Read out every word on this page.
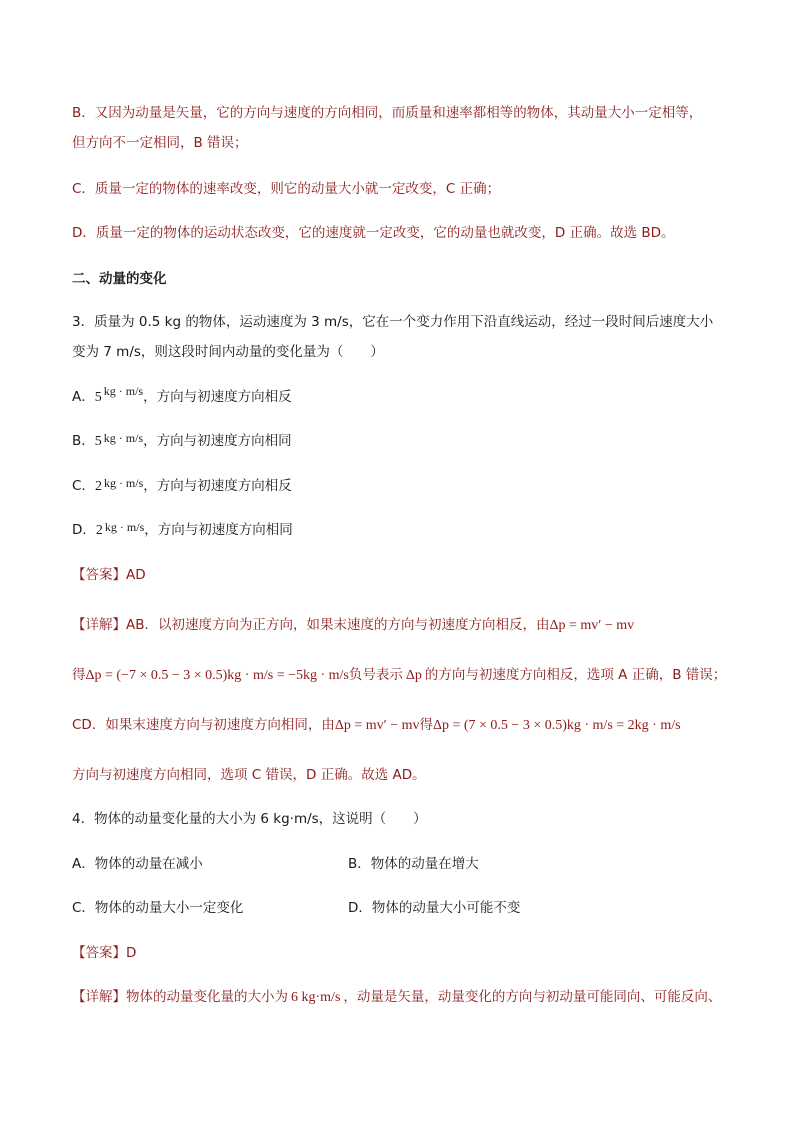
B．又因为动量是矢量，它的方向与速度的方向相同，而质量和速率都相等的物体，其动量大小一定相等，
但方向不一定相同，B 错误；
C．质量一定的物体的速率改变，则它的动量大小就一定改变，C 正确；
D．质量一定的物体的运动状态改变，它的速度就一定改变，它的动量也就改变，D 正确。故选 BD。
二、动量的变化
3．质量为 0.5 kg 的物体，运动速度为 3 m/s，它在一个变力作用下沿直线运动，经过一段时间后速度大小
变为 7 m/s，则这段时间内动量的变化量为（　　）
A．5 kg · m/s，方向与初速度方向相反
B．5 kg · m/s，方向与初速度方向相同
C．2 kg · m/s，方向与初速度方向相反
D．2 kg · m/s，方向与初速度方向相同
【答案】AD
【详解】AB．以初速度方向为正方向，如果末速度的方向与初速度方向相反，由Δp = mv′ − mv
得Δp = (−7 × 0.5 − 3 × 0.5)kg · m/s = −5kg · m/s负号表示 Δp 的方向与初速度方向相反，选项 A 正确，B 错误；
CD．如果末速度方向与初速度方向相同，由Δp = mv′ − mv得Δp = (7 × 0.5 − 3 × 0.5)kg · m/s = 2kg · m/s
方向与初速度方向相同，选项 C 错误，D 正确。故选 AD。
4．物体的动量变化量的大小为 6 kg·m/s，这说明（　　）
A．物体的动量在减小	B．物体的动量在增大
C．物体的动量大小一定变化	D．物体的动量大小可能不变
【答案】D
【详解】物体的动量变化量的大小为 6 kg·m/s ，动量是矢量，动量变化的方向与初动量可能同向、可能反向、
